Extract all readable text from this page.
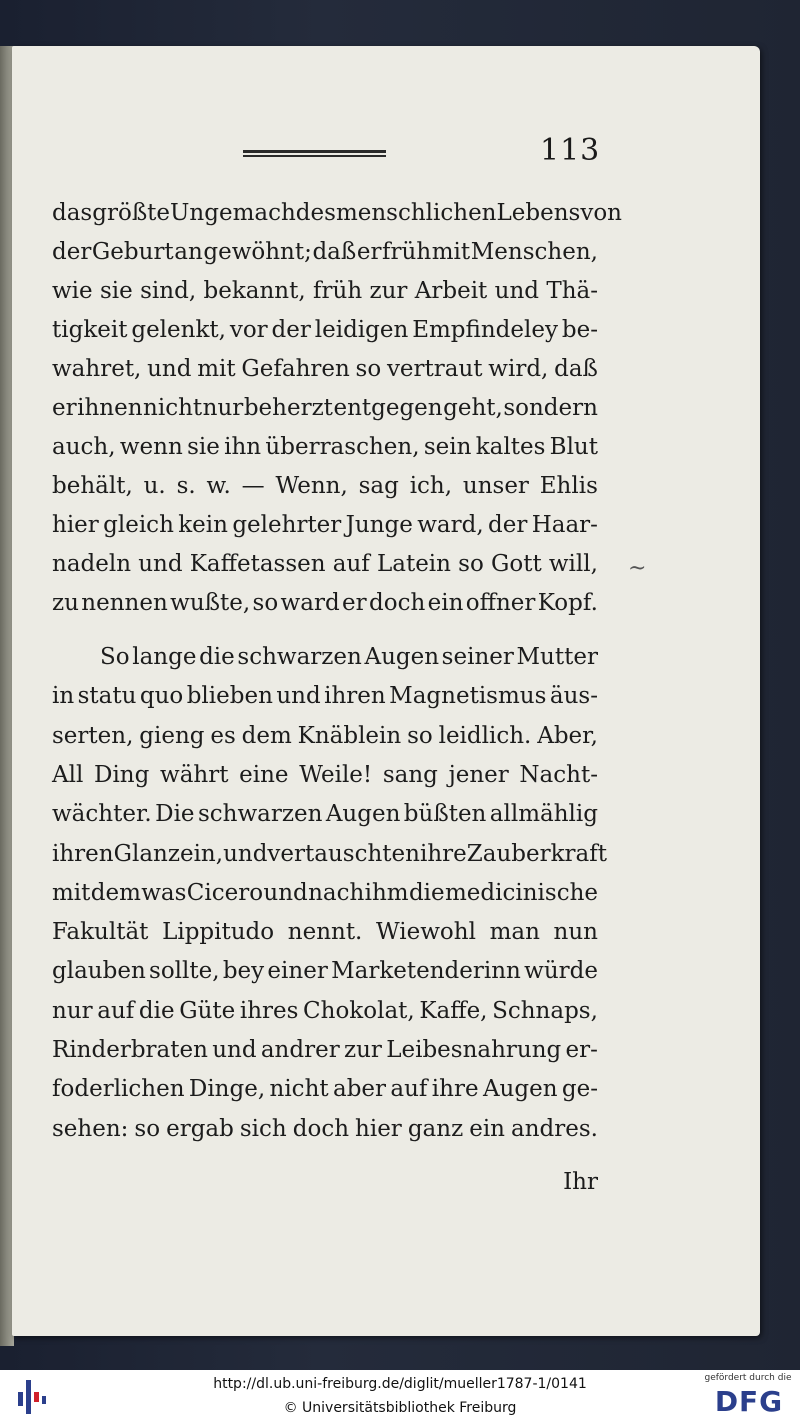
113
das größte Ungemach des menschlichen Lebens von
der Geburt an gewöhnt; daß er früh mit Menschen,
wie sie sind, bekannt, früh zur Arbeit und Thä-
tigkeit gelenkt, vor der leidigen Empfindeley be-
wahret, und mit Gefahren so vertraut wird, daß
er ihnen nicht nur beherzt entgegen geht, sondern
auch, wenn sie ihn überraschen, sein kaltes Blut
behält, u. s. w. — Wenn, sag ich, unser Ehlis
hier gleich kein gelehrter Junge ward, der Haar-
nadeln und Kaffetassen auf Latein so Gott will,
zu nennen wußte, so ward er doch ein offner Kopf.
So lange die schwarzen Augen seiner Mutter
in statu quo blieben und ihren Magnetismus äus-
serten, gieng es dem Knäblein so leidlich. Aber,
All Ding währt eine Weile! sang jener Nacht-
wächter. Die schwarzen Augen büßten allmählig
ihren Glanz ein, und vertauschten ihre Zauberkraft
mit dem was Cicero und nach ihm die medicinische
Fakultät Lippitudo nennt. Wiewohl man nun
glauben sollte, bey einer Marketenderinn würde
nur auf die Güte ihres Chokolat, Kaffe, Schnaps,
Rinderbraten und andrer zur Leibesnahrung er-
foderlichen Dinge, nicht aber auf ihre Augen ge-
sehen: so ergab sich doch hier ganz ein andres.
~
Ihr
http://dl.ub.uni-freiburg.de/diglit/mueller1787-1/0141
© Universitätsbibliothek Freiburg
gefördert durch die
DFG
